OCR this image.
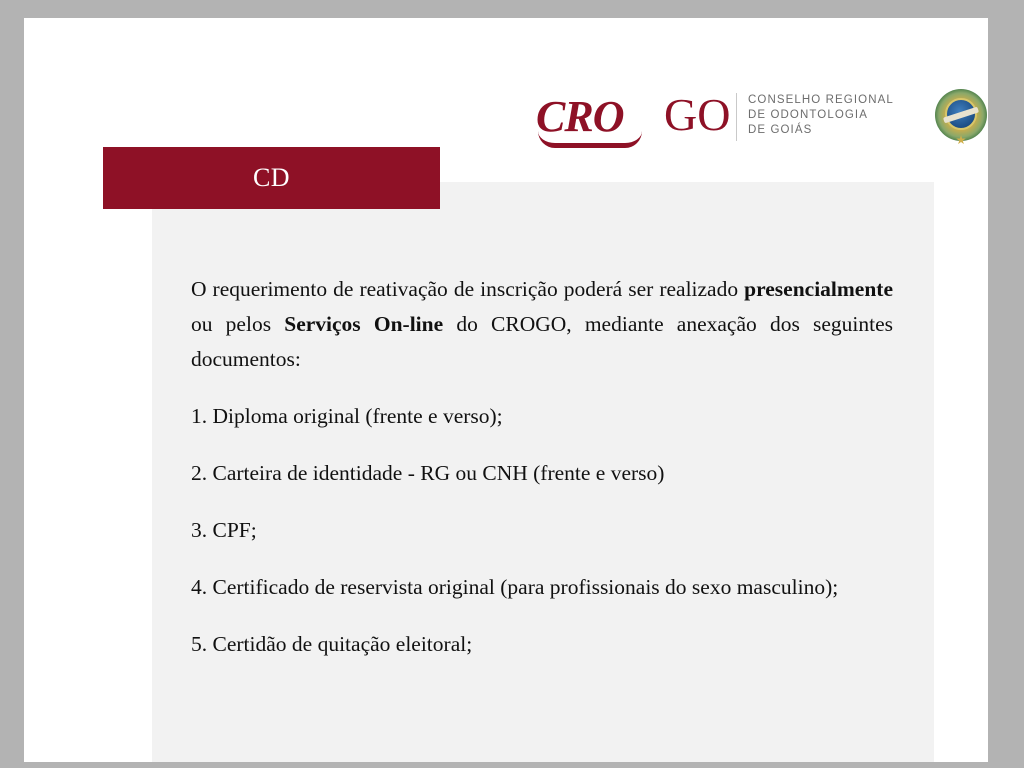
CRO GO CONSELHO REGIONAL
DE ODONTOLOGIA
DE GOIÁS

O requerimento de reativação de inscrição poderá ser realizado presencialmente ou pelos Serviços On-line do CROGO, mediante anexação dos seguintes documentos:

1. Diploma original (frente e verso);

2. Carteira de identidade - RG ou CNH (frente e verso)

3. CPF;

4. Certificado de reservista original (para profissionais do sexo masculino);

5. Certidão de quitação eleitoral;

CD
